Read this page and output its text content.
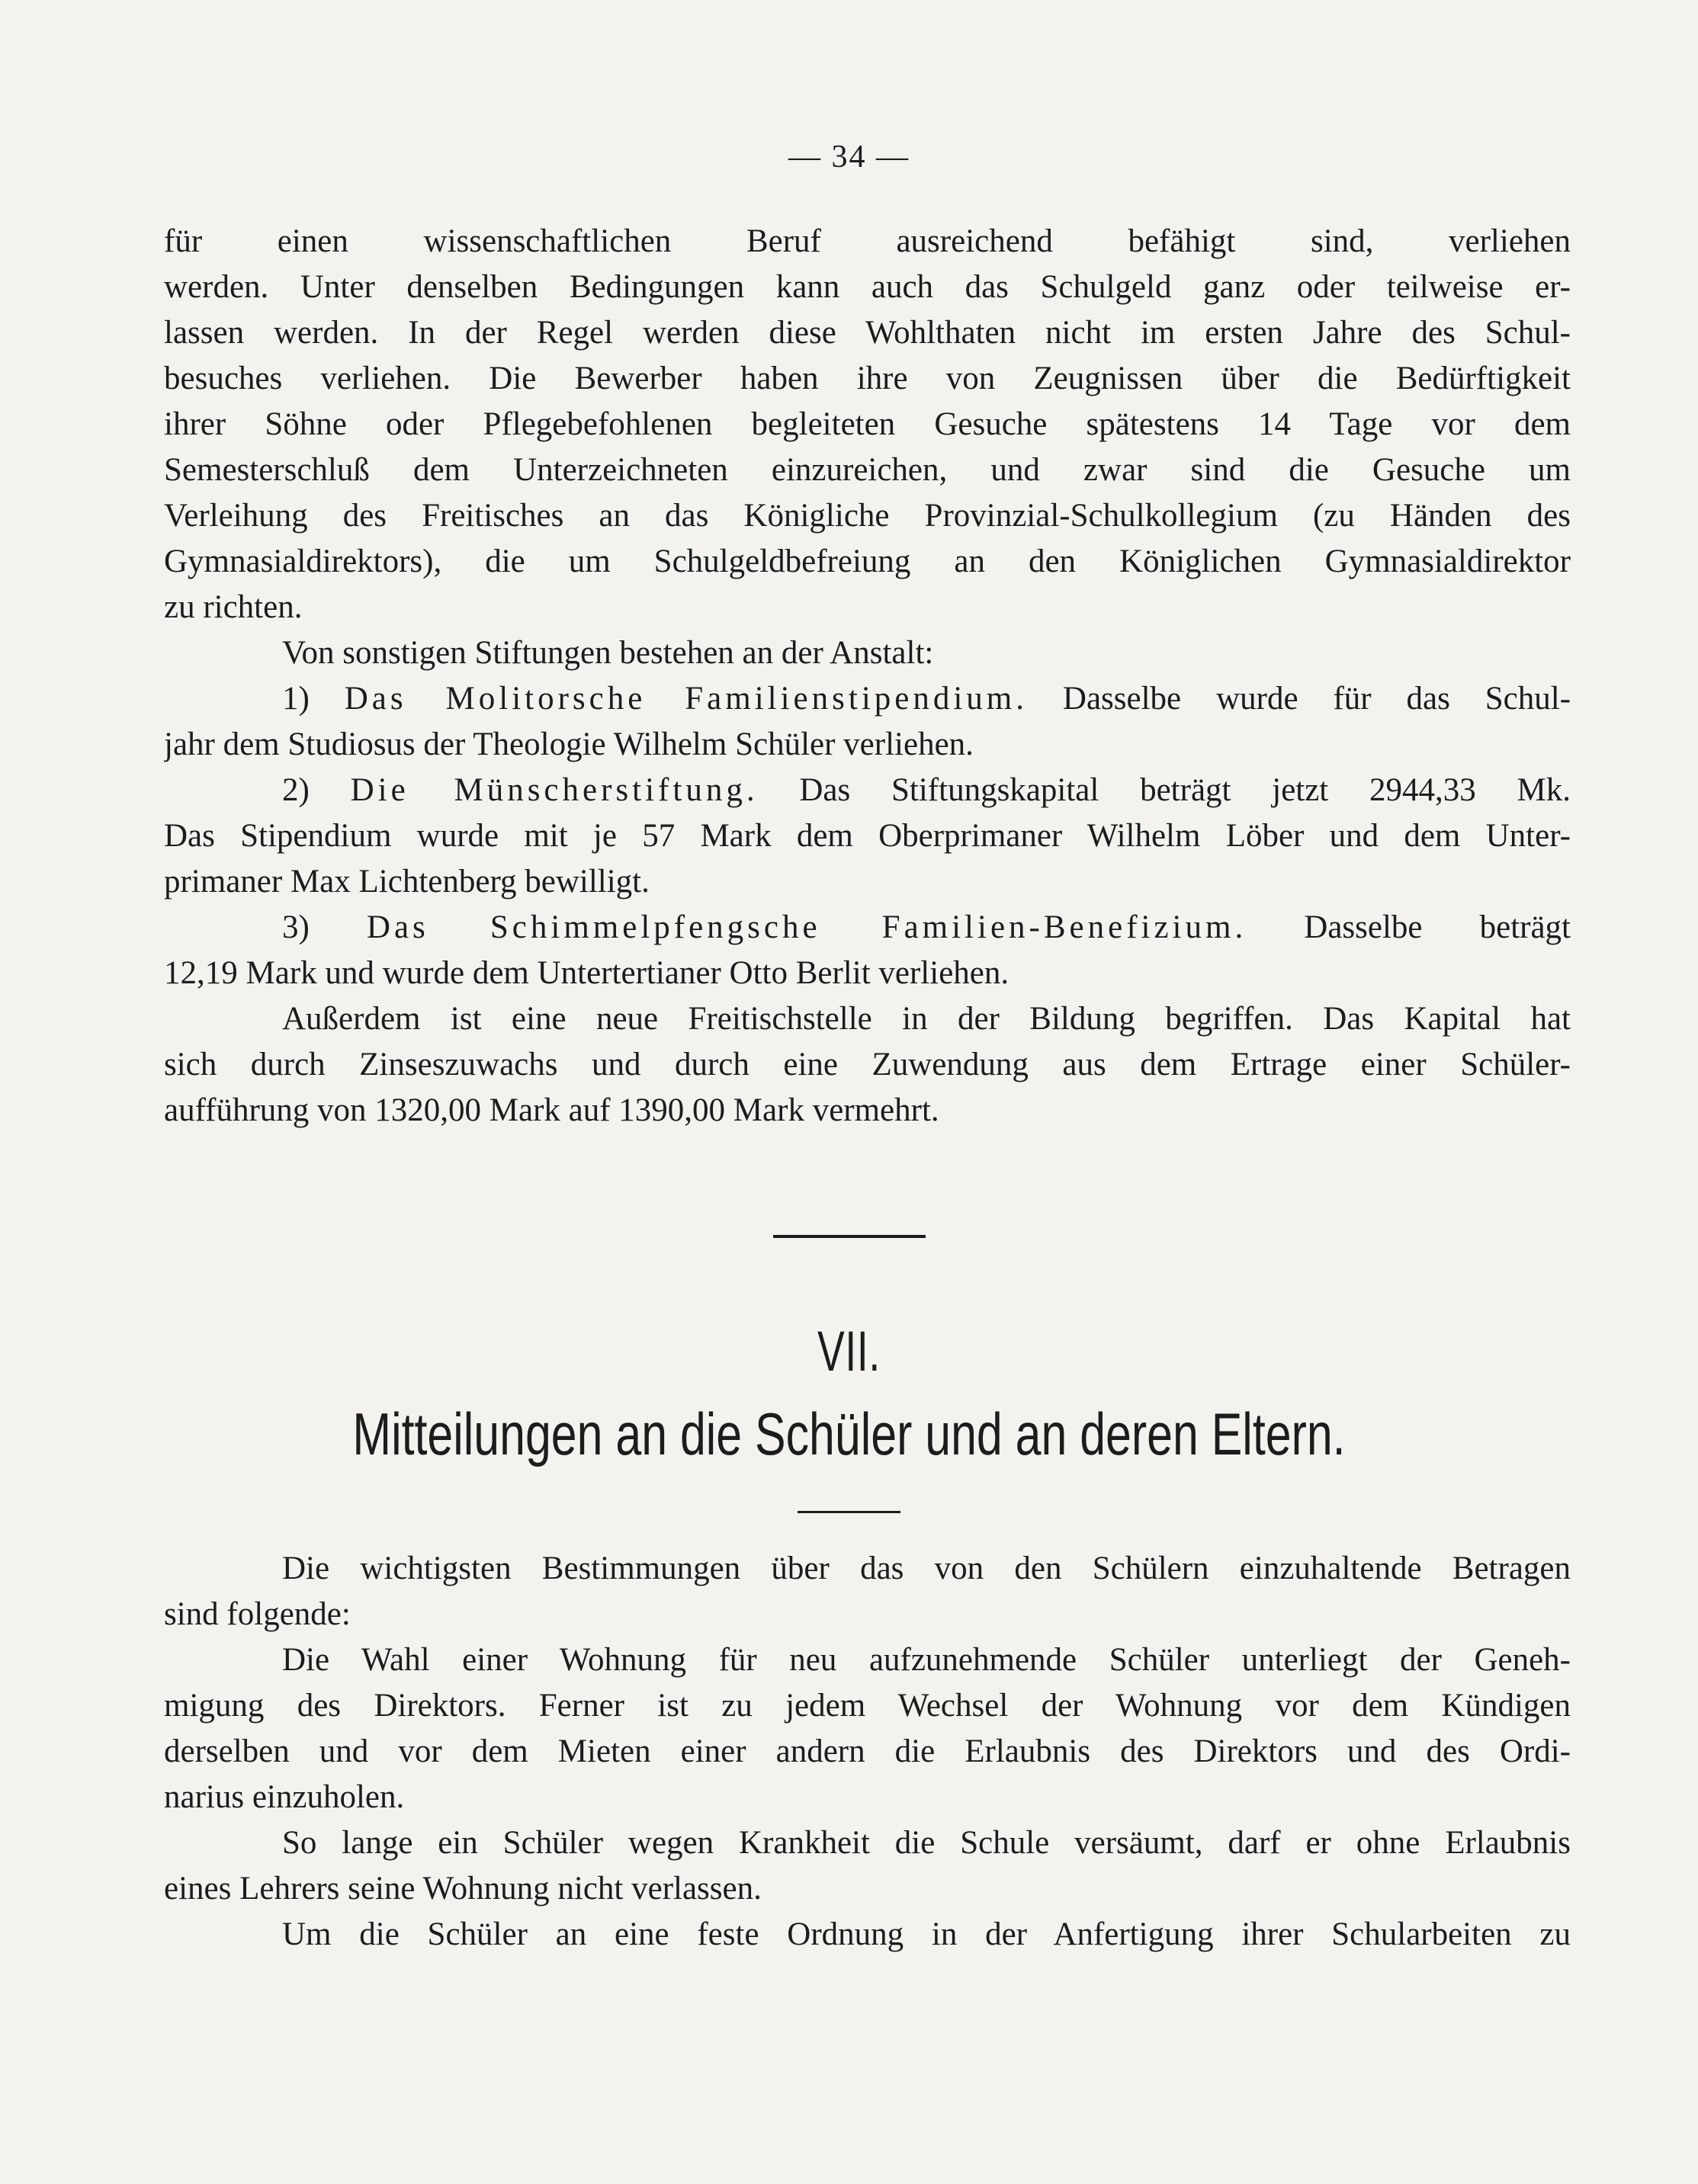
— 34 —
für einen wissenschaftlichen Beruf ausreichend befähigt sind, verliehen
werden. Unter denselben Bedingungen kann auch das Schulgeld ganz oder teilweise er-
lassen werden. In der Regel werden diese Wohlthaten nicht im ersten Jahre des Schul-
besuches verliehen. Die Bewerber haben ihre von Zeugnissen über die Bedürftigkeit
ihrer Söhne oder Pflegebefohlenen begleiteten Gesuche spätestens 14 Tage vor dem
Semesterschluß dem Unterzeichneten einzureichen, und zwar sind die Gesuche um
Verleihung des Freitisches an das Königliche Provinzial-Schulkollegium (zu Händen des
Gymnasialdirektors), die um Schulgeldbefreiung an den Königlichen Gymnasialdirektor
zu richten.
Von sonstigen Stiftungen bestehen an der Anstalt:
1) Das Molitorsche Familienstipendium. Dasselbe wurde für das Schul-
jahr dem Studiosus der Theologie Wilhelm Schüler verliehen.
2) Die Münscherstiftung. Das Stiftungskapital beträgt jetzt 2944,33 Mk.
Das Stipendium wurde mit je 57 Mark dem Oberprimaner Wilhelm Löber und dem Unter-
primaner Max Lichtenberg bewilligt.
3) Das Schimmelpfengsche Familien-Benefizium. Dasselbe beträgt
12,19 Mark und wurde dem Untertertianer Otto Berlit verliehen.
Außerdem ist eine neue Freitischstelle in der Bildung begriffen. Das Kapital hat
sich durch Zinseszuwachs und durch eine Zuwendung aus dem Ertrage einer Schüler-
aufführung von 1320,00 Mark auf 1390,00 Mark vermehrt.
VII.
Mitteilungen an die Schüler und an deren Eltern.
Die wichtigsten Bestimmungen über das von den Schülern einzuhaltende Betragen
sind folgende:
Die Wahl einer Wohnung für neu aufzunehmende Schüler unterliegt der Geneh-
migung des Direktors. Ferner ist zu jedem Wechsel der Wohnung vor dem Kündigen
derselben und vor dem Mieten einer andern die Erlaubnis des Direktors und des Ordi-
narius einzuholen.
So lange ein Schüler wegen Krankheit die Schule versäumt, darf er ohne Erlaubnis
eines Lehrers seine Wohnung nicht verlassen.
Um die Schüler an eine feste Ordnung in der Anfertigung ihrer Schularbeiten zu
